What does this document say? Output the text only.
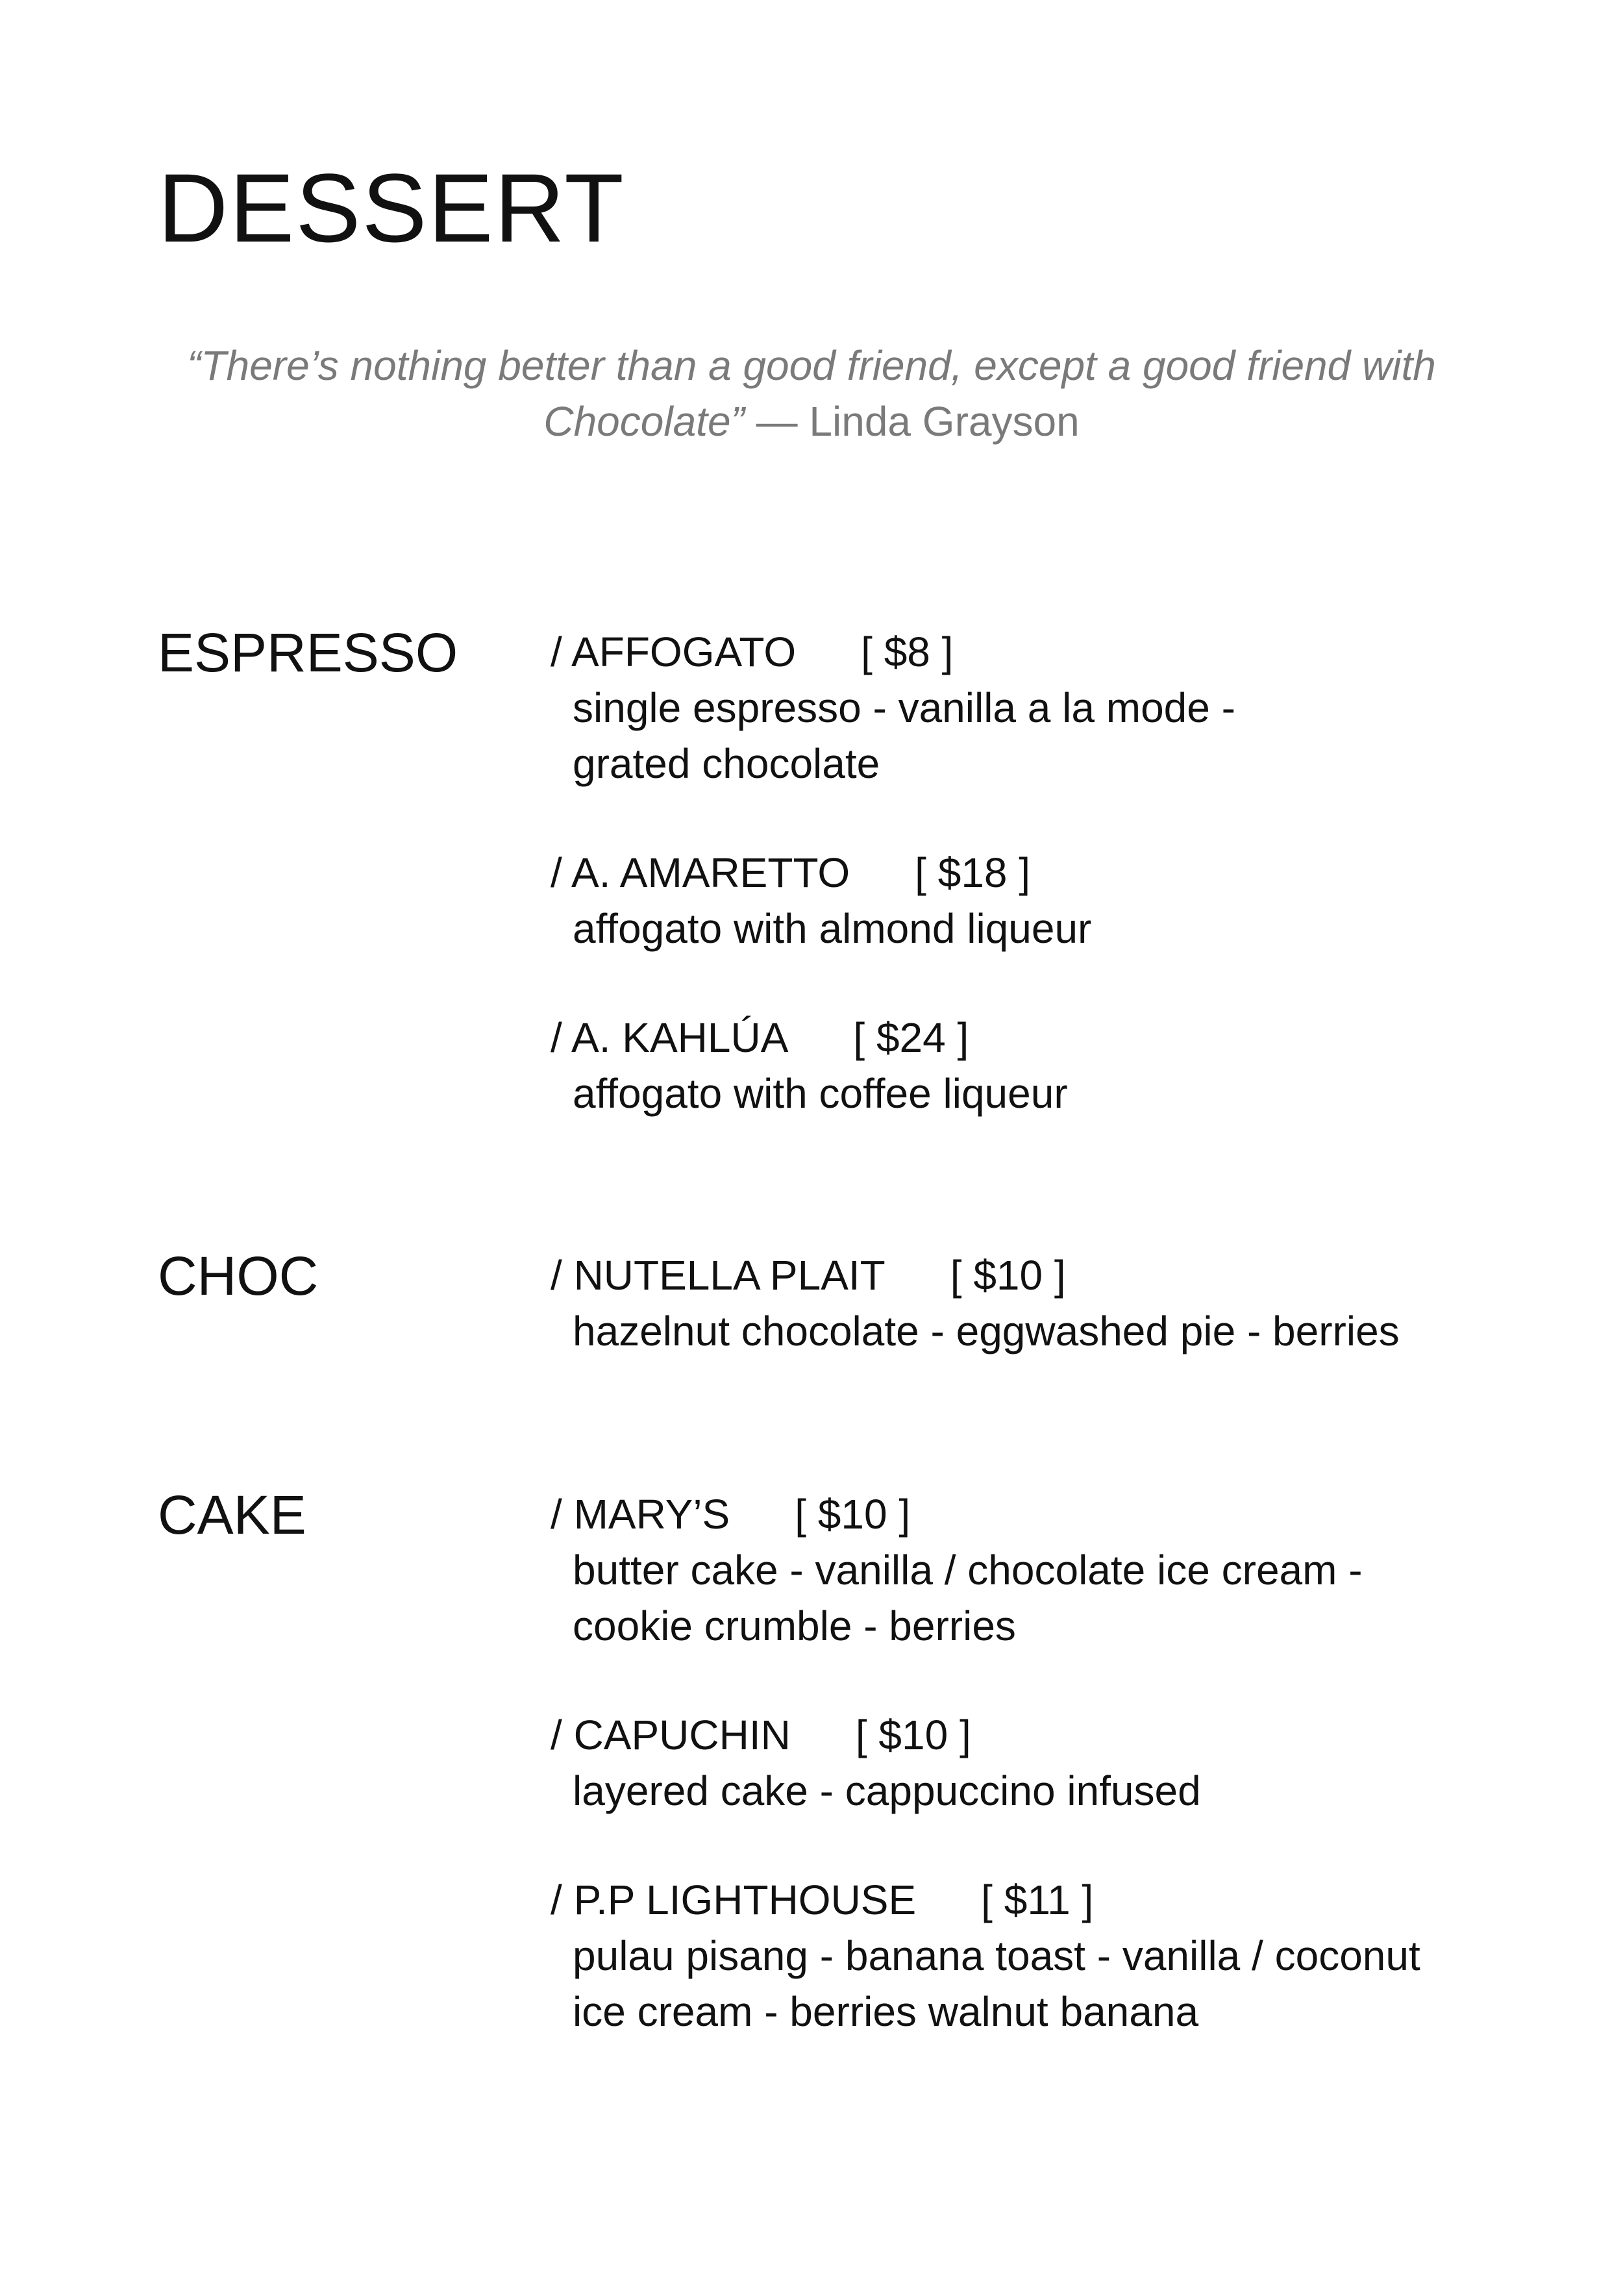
DESSERT
“There’s nothing better than a good friend, except a good friend with Chocolate” — Linda Grayson
ESPRESSO / AFFOGATO [ $8 ]
single espresso - vanilla a la mode - grated chocolate
/ A. AMARETTO [ $18 ]
affogato with almond liqueur
/ A. KAHLÚA [ $24 ]
affogato with coffee liqueur
CHOC	/ NUTELLA PLAIT [ $10 ]
hazelnut chocolate - eggwashed pie - berries
CAKE	/ MARY’S [ $10 ]
butter cake - vanilla / chocolate ice cream - cookie crumble - berries
/ CAPUCHIN [ $10 ]
layered cake - cappuccino infused
/ P.P LIGHTHOUSE [ $11 ]
pulau pisang - banana toast - vanilla / coconut ice cream - berries walnut banana
